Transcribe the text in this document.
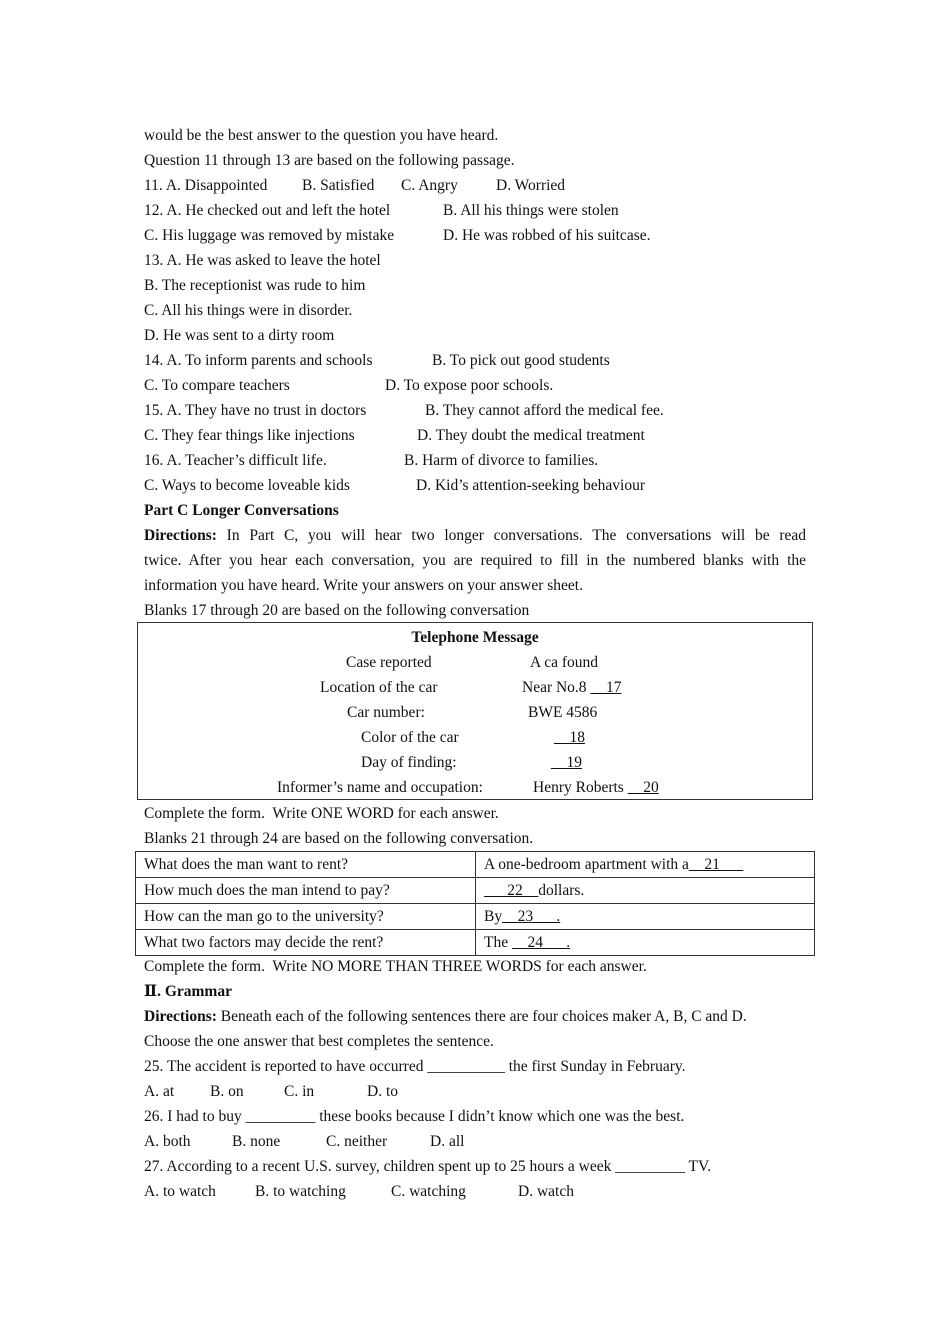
would be the best answer to the question you have heard.
Question 11 through 13 are based on the following passage.
11. A. Disappointed B. Satisfied C. Angry D. Worried
12. A. He checked out and left the hotel	B. All his things were stolen
C. His luggage was removed by mistake	D. He was robbed of his suitcase.
13. A. He was asked to leave the hotel
B. The receptionist was rude to him
C. All his things were in disorder.
D. He was sent to a dirty room
14. A. To inform parents and schools	B. To pick out good students
C. To compare teachers	D. To expose poor schools.
15. A. They have no trust in doctors	B. They cannot afford the medical fee.
C. They fear things like injections	D. They doubt the medical treatment
16. A. Teacher’s difficult life.	B. Harm of divorce to families.
C. Ways to become loveable kids	D. Kid’s attention-seeking behaviour
Part C Longer Conversations
Directions: In Part C, you will hear two longer conversations. The conversations will be read
twice. After you hear each conversation, you are required to fill in the numbered blanks with the
information you have heard. Write your answers on your answer sheet.
Blanks 17 through 20 are based on the following conversation
Telephone Message
Case reported	A ca found
Location of the car	Near No.8 __17
Car number:	BWE 4586
Color of the car	__18
Day of finding:	__19
Informer’s name and occupation:	Henry Roberts __20
Complete the form.  Write ONE WORD for each answer.
Blanks 21 through 24 are based on the following conversation.
What does the man want to rent?	A one-bedroom apartment with a__21___
How much does the man intend to pay?	___22__dollars.
How can the man go to the university?	By__23___.
What two factors may decide the rent?	The __24___.
Complete the form.  Write NO MORE THAN THREE WORDS for each answer.
Ⅱ. Grammar
Directions: Beneath each of the following sentences there are four choices maker A, B, C and D.
Choose the one answer that best completes the sentence.
25. The accident is reported to have occurred __________ the first Sunday in February.
A. at B. on	C. in	D. to
26. I had to buy _________ these books because I didn’t know which one was the best.
A. both	B. none	C. neither	D. all
27. According to a recent U.S. survey, children spent up to 25 hours a week _________ TV.
A. to watch	B. to watching	C. watching	D. watch
